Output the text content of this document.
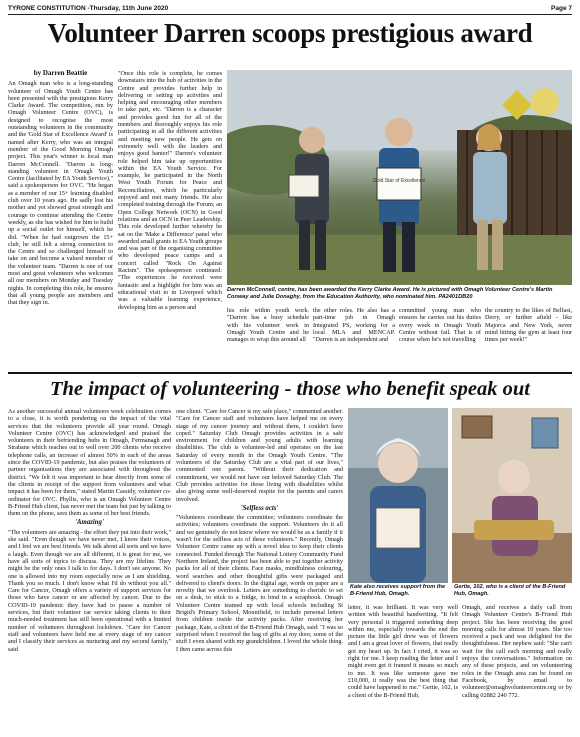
TYRONE CONSTITUTION -Thursday, 11th June 2020	Page 7
Volunteer Darren scoops prestigious award
by Darren Beattie

An Omagh man who is a long-standing volunteer of Omagh Youth Centre has been presented with the prestigious Kerry Clarke Award. The competition, run by Omagh Volunteer Centre (OVC), is designed to recognise the most outstanding volunteers in the community and the 'Gold Star of Excellence Award' is named after Kerry, who was an integral member of the Good Morning Omagh project. This year's winner is local man Darren McConnell. "Darren is long-standing volunteer in Omagh Youth Centre (facilitated by EA Youth Service)," said a spokesperson for OVC. "He began as a member of our 15+ learning disabled club over 10 years ago. He sadly lost his mother and yet showed great strength and courage to continue attending the Centre weekly, as she has wished for him to build up a social outlet for himself, which he did. "When he had outgrown the 15+ club, he still felt a strong connection to the Centre and so challenged himself to take on and become a valued member of the volunteer team. "Darren is one of our most and great volunteers who welcomes all our members on Monday and Tuesday nights. In completing this role, he ensures that all young people are members and that they sign in.

"Once this role is complete, he comes downstairs into the hub of activities in the Centre and provides further help in delivering or setting up activities and helping and encouraging other members to take part, etc. "Darren is a character and provides good fun for all of the members and thoroughly enjoys his role participating in all the different activities and meeting new people. He gets on extremely well with the leaders and enjoys good banter!" Darren's volunteer role helped him take up opportunities within the EA Youth Service. For example, he participated in the North West Youth Forum for Peace and Reconciliation, which he particularly enjoyed and met many friends. He also completed training through the Forum; an Open College Network (OCN) in Good relations and an OCN in Peer Leadership. This role developed further whereby he sat on the 'Make a Difference' panel who awarded small grants to EA Youth groups and was part of the organising committee who developed peace camps and a concert called "Rock On Against Racism". The spokesperson continued: "The experiences he received were fantastic and a highlight for him was an educational visit to in Liverpool which was a valuable learning experience, developing him as a person and

Gold Star of Excellence
Darren McConnell, centre, has been awarded the Kerry Clarke Award. He is pictured with Omagh Volunteer Centre's Martin Conway and Julie Donaghy, from the Education Authority, who nominated him. PA2401DB20
his role within youth work. "Darren has a busy schedule with his volunteer work in Omagh Youth Centre and he manages to wrap this around all
the other roles. He also has a part-time job in Omagh Integrated PS, working for a local MLA and MENCAP. "Darren is an independent and
committed young man who ensures he carries out his duties every week in Omagh Youth Centre without fail. That is of course when he's not travelling
the country to the likes of Belfast, Derry, or further afield - like Majorca and New York, never mind hitting the gym at least four times per week!"
The impact of volunteering - those who benefit speak out

As another successful annual volunteers week celebration comes to a close, it is worth pondering on the impact of the vital services that the volunteers provide all year round. Omagh Volunteer Centre (OVC) has acknowledged and praised the volunteers in their befriending hubs in Omagh, Fermanagh and Strabane which reaches out to well over 200 clients who receive telephone calls, an increase of almost 50% in each of the areas since the COVID-19 pandemic, but also praises the volunteers of partner organisations they are associated with throughout the district. "We felt it was important to hear directly from some of the clients in receipt of the support from volunteers and what impact it has been for them," stated Martin Cassidy, volunteer co-ordinator for OVC. Phyllis, who is an Omagh Volunteer Centre B-Friend Hub client, has never met the team but just by talking to them on the phone, sees them as some of her best friends.

'Amazing'

"The volunteers are amazing - the effort they put into their work," she said. "Even though we have never met, I know their voices, and I feel we are best friends. We talk about all sorts and we have a laugh. Even though we are all different, it is great for me, we have all sorts of topics to discuss. They are my lifeline. They might be the only ones I talk to for days. I don't see anyone. No one is allowed into my room especially now as I am shielding. Thank you so much. I don't know what I'd do without you all." Care for Cancer, Omagh offers a variety of support services for those who have cancer or are affected by cancer. Due to the COVID-19 pandemic they have had to pause a number of services, but their volunteer car service taking clients to their much-needed treatment has still been operational with a limited number of volunteers throughout lockdown. "Care for Cancer staff and volunteers have held me at every stage of my cancer and I classify their services as nurturing and my second family," said

one client. "Care for Cancer is my safe place," commented another. "Care for Cancer staff and volunteers have helped me on every stage of my cancer journey and without them, I couldn't have coped." Saturday Club Omagh provides activities in a safe environment for children and young adults with learning disabilities. The club is volunteer-led and operates on the last Saturday of every month in the Omagh Youth Centre. "The volunteers of the Saturday Club are a vital part of our lives," commented one parent. "Without their dedication and commitment, we would not have our beloved Saturday Club. The Club provides activities for those living with disabilities whilst also giving some well-deserved respite for the parents and carers involved.

'Selfless acts'

"Volunteers coordinate the committee; volunteers coordinate the activities; volunteers coordinate the support. Volunteers do it all and we genuinely do not know where we would be as a family if it wasn't for the selfless acts of these volunteers." Recently, Omagh Volunteer Centre came up with a novel idea to keep their clients connected. Funded through The National Lottery Community Fund Northern Ireland, the project has been able to put together activity packs for all of their clients. Face masks, mindfulness colouring, word searches and other thoughtful gifts were packaged and delivered to client's doors. In the digital age, words on paper are a novelty that we overlook. Letters are something to cherish: to set on a desk, to stick to a fridge, to bind in a scrapbook. Omagh Volunteer Centre teamed up with local schools including St Brigid's Primary School, Mountfield, to include personal letters from children inside the activity packs. After receiving her package, Kate, a client of the B-Friend Hub Omagh, said: "I was so surprised when I received the bag of gifts at my door, some of the stuff I even shared with my grandchildren. I loved the whole thing. I then came across this

Kate also receives support from the B-Friend Hub, Omagh.
Gertie, 102, who is a client of the B-Friend Hub, Omagh.
letter, it was brilliant. It was very well written with beautiful handwriting. "It felt very personal it triggered something deep within me, especially towards the end the picture the little girl drew was of flowers and I am a great lover of flowers, that really got my heart up. In fact I cried, it was so right for me. I keep reading the letter and I might even get it framed it means so much to me. It was like someone gave me £10,000, it really was the best thing that could have happened to me." Gertie, 102, is a client of the B-Friend Hub,
Omagh, and receives a daily call from Omagh Volunteer Centre's B-Friend Hub project. She has been receiving the good morning calls for almost 10 years. She too received a pack and was delighted for the thoughtfulness. Her nephew said: "She can't wait for the call each morning and really enjoys the conversations." Information on any of these projects, and on volunteering roles in the Omagh area can be found on Facebook, by email to volunteer@omaghvolunteercentre.org or by calling 02882 240 772.
